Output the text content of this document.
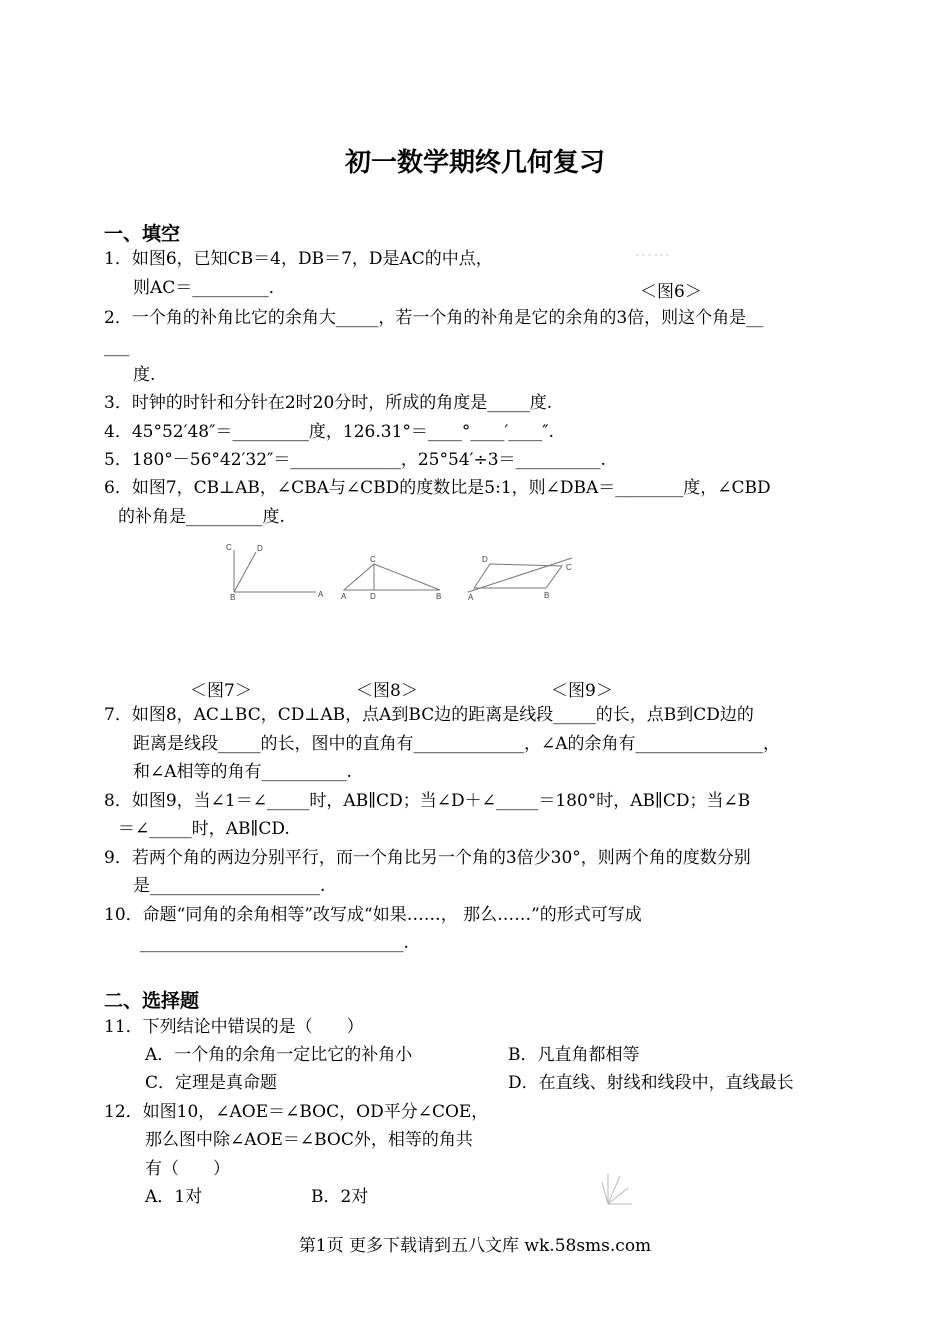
初一数学期终几何复习
一、填空
1．如图6，已知CB＝4，DB＝7，D是AC的中点，
则AC＝_________．	＜图6＞
2．一个角的补角比它的余角大_____，若一个角的补角是它的余角的3倍，则这个角是__
___
度.
3．时钟的时针和分针在2时20分时，所成的角度是_____度.
4．45°52′48″＝_________度，126.31°＝____°____′____″.
5．180°－56°42′32″＝_____________，25°54′÷3＝__________.
6．如图7，CB⊥AB，∠CBA与∠CBD的度数比是5:1，则∠DBA＝________度，∠CBD
的补角是_________度.
C	D
B	A
C
A	D	B
D
C
A	B
＜图7＞	＜图8＞	＜图9＞
7．如图8，AC⊥BC，CD⊥AB，点A到BC边的距离是线段_____的长，点B到CD边的
距离是线段_____的长，图中的直角有_____________，∠A的余角有_______________，
和∠A相等的角有__________.
8．如图9，当∠1＝∠_____时，AB∥CD；当∠D＋∠_____＝180°时，AB∥CD；当∠B
＝∠_____时，AB∥CD.
9．若两个角的两边分别平行，而一个角比另一个角的3倍少30°，则两个角的度数分别
是____________________.
10．命题“同角的余角相等”改写成“如果……， 那么……”的形式可写成
_______________________________.
二、选择题
11．下列结论中错误的是（　　）
A．一个角的余角一定比它的补角小	B．凡直角都相等
C．定理是真命题	D．在直线、射线和线段中，直线最长
12．如图10，∠AOE＝∠BOC，OD平分∠COE，
那么图中除∠AOE＝∠BOC外，相等的角共
有（　　）
A．1对	B．2对
第1页 更多下载请到五八文库 wk.58sms.com
